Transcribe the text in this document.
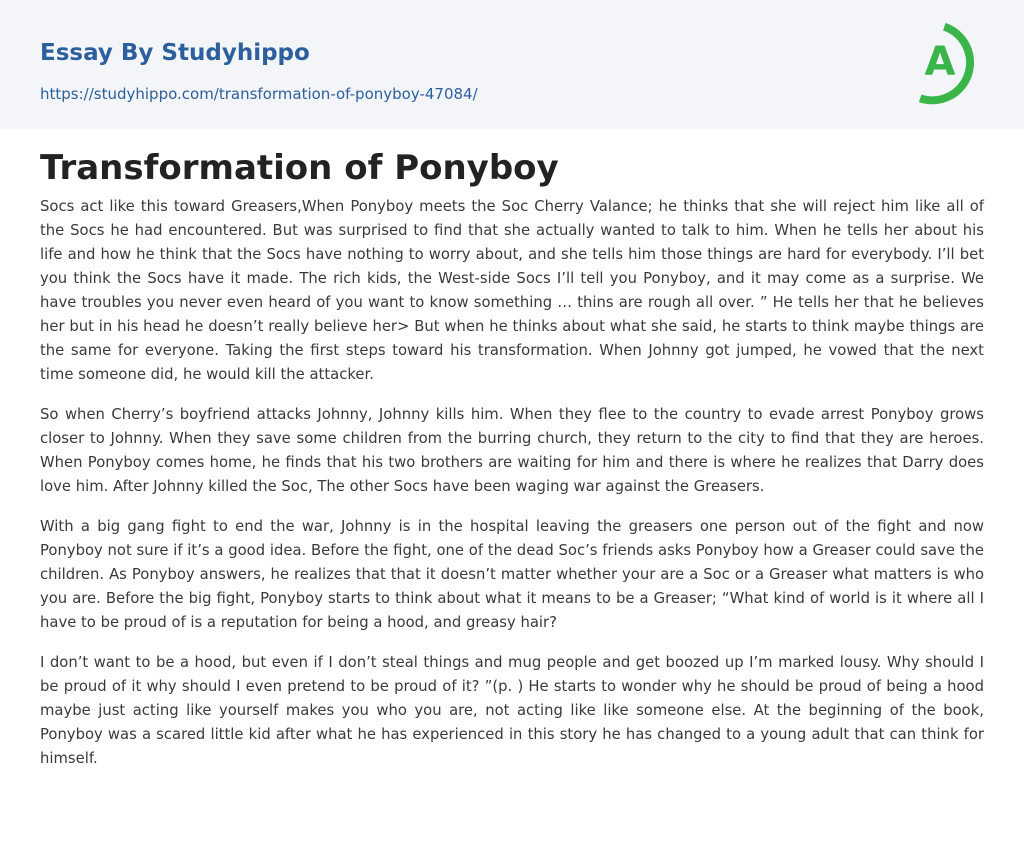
Essay By Studyhippo
https://studyhippo.com/transformation-of-ponyboy-47084/
A
Transformation of Ponyboy

Socs act like this toward Greasers,When Ponyboy meets the Soc Cherry Valance; he thinks that she will reject him like all of the Socs he had encountered. But was surprised to find that she actually wanted to talk to him. When he tells her about his life and how he think that the Socs have nothing to worry about, and she tells him those things are hard for everybody. I’ll bet you think the Socs have it made. The rich kids, the West-side Socs I’ll tell you Ponyboy, and it may come as a surprise. We have troubles you never even heard of you want to know something … thins are rough all over. ” He tells her that he believes her but in his head he doesn’t really believe her> But when he thinks about what she said, he starts to think maybe things are the same for everyone. Taking the first steps toward his transformation. When Johnny got jumped, he vowed that the next time someone did, he would kill the attacker.

So when Cherry’s boyfriend attacks Johnny, Johnny kills him. When they flee to the country to evade arrest Ponyboy grows closer to Johnny. When they save some children from the burring church, they return to the city to find that they are heroes. When Ponyboy comes home, he finds that his two brothers are waiting for him and there is where he realizes that Darry does love him. After Johnny killed the Soc, The other Socs have been waging war against the Greasers.

With a big gang fight to end the war, Johnny is in the hospital leaving the greasers one person out of the fight and now Ponyboy not sure if it’s a good idea. Before the fight, one of the dead Soc’s friends asks Ponyboy how a Greaser could save the children. As Ponyboy answers, he realizes that that it doesn’t matter whether your are a Soc or a Greaser what matters is who you are. Before the big fight, Ponyboy starts to think about what it means to be a Greaser; “What kind of world is it where all I have to be proud of is a reputation for being a hood, and greasy hair?

I don’t want to be a hood, but even if I don’t steal things and mug people and get boozed up I’m marked lousy. Why should I be proud of it why should I even pretend to be proud of it? ”(p. ) He starts to wonder why he should be proud of being a hood maybe just acting like yourself makes you who you are, not acting like like someone else. At the beginning of the book, Ponyboy was a scared little kid after what he has experienced in this story he has changed to a young adult that can think for himself.
